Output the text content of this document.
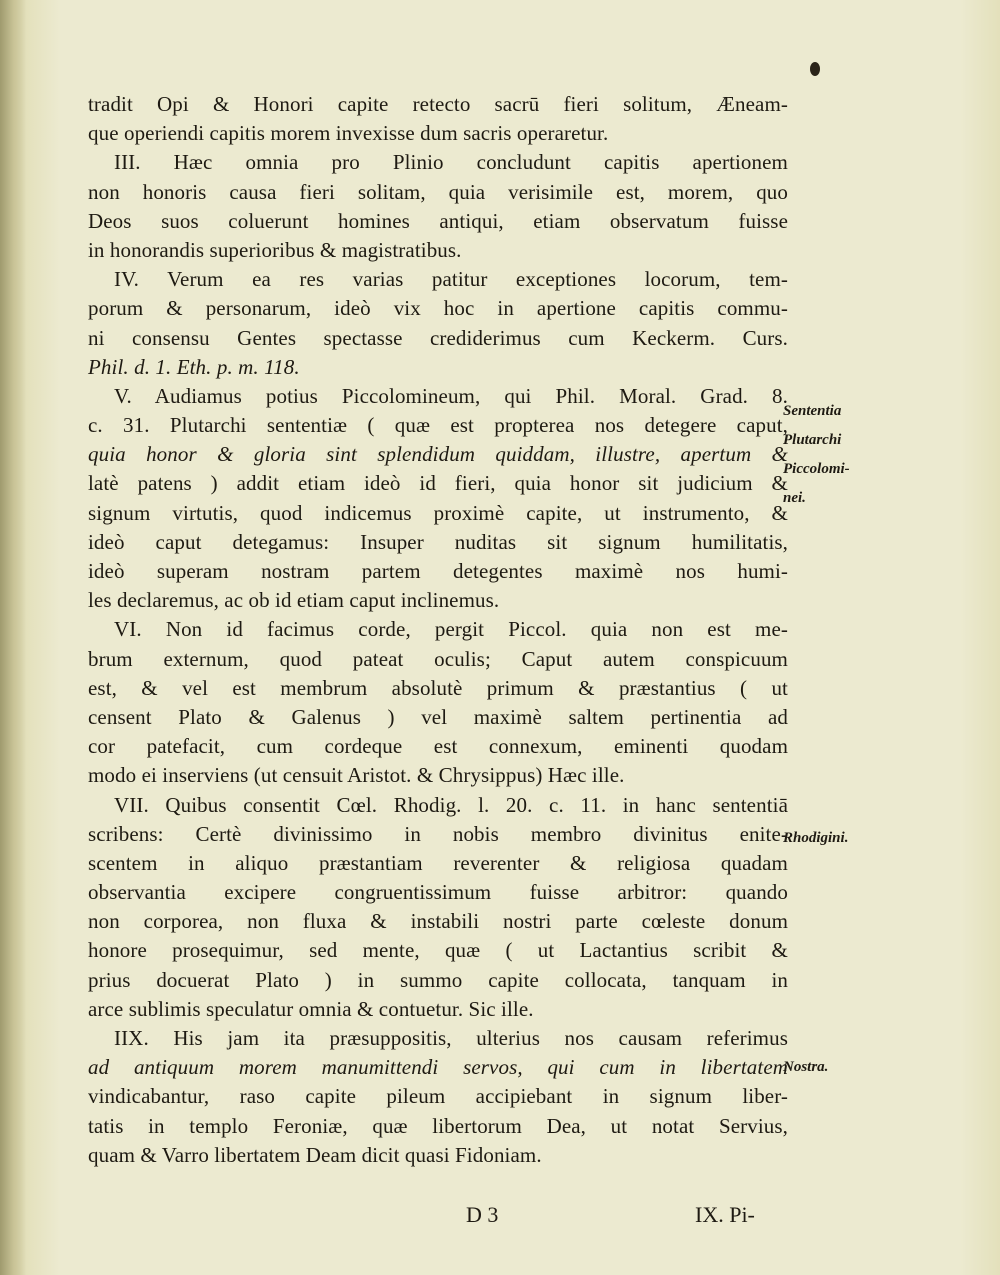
tradit Opi & Honori capite retecto sacrū fieri solitum, Æneam-
que operiendi capitis morem invexisse dum sacris operaretur.
III. Hæc omnia pro Plinio concludunt capitis apertionem
non honoris causa fieri solitam, quia verisimile est, morem, quo
Deos suos coluerunt homines antiqui, etiam observatum fuisse
in honorandis superioribus & magistratibus.
IV. Verum ea res varias patitur exceptiones locorum, tem-
porum & personarum, ideò vix hoc in apertione capitis commu-
ni consensu Gentes spectasse crediderimus cum Keckerm. Curs.
Phil. d. 1. Eth. p. m. 118.
V. Audiamus potius Piccolomineum, qui Phil. Moral. Grad. 8.
c. 31. Plutarchi sententiæ ( quæ est propterea nos detegere caput,
quia honor & gloria sint splendidum quiddam, illustre, apertum &
latè patens ) addit etiam ideò id fieri, quia honor sit judicium &
signum virtutis, quod indicemus proximè capite, ut instrumento, &
ideò caput detegamus: Insuper nuditas sit signum humilitatis,
ideò superam nostram partem detegentes maximè nos humi-
les declaremus, ac ob id etiam caput inclinemus.
VI. Non id facimus corde, pergit Piccol. quia non est me-
brum externum, quod pateat oculis; Caput autem conspicuum
est, & vel est membrum absolutè primum & præstantius ( ut
censent Plato & Galenus ) vel maximè saltem pertinentia ad
cor patefacit, cum cordeque est connexum, eminenti quodam
modo ei inserviens (ut censuit Aristot. & Chrysippus) Hæc ille.
VII. Quibus consentit Cœl. Rhodig. l. 20. c. 11. in hanc sententiā
scribens: Certè divinissimo in nobis membro divinitus enite-
scentem in aliquo præstantiam reverenter & religiosa quadam
observantia excipere congruentissimum fuisse arbitror: quando
non corporea, non fluxa & instabili nostri parte cœleste donum
honore prosequimur, sed mente, quæ ( ut Lactantius scribit &
prius docuerat Plato ) in summo capite collocata, tanquam in
arce sublimis speculatur omnia & contuetur. Sic ille.
IIX. His jam ita præsuppositis, ulterius nos causam referimus
ad antiquum morem manumittendi servos, qui cum in libertatem
vindicabantur, raso capite pileum accipiebant in signum liber-
tatis in templo Feroniæ, quæ libertorum Dea, ut notat Servius,
quam & Varro libertatem Deam dicit quasi Fidoniam.
Sententia
Plutarchi
Piccolomi-
nei.
Rhodigini.
Nostra.
D 3	IX. Pi-
